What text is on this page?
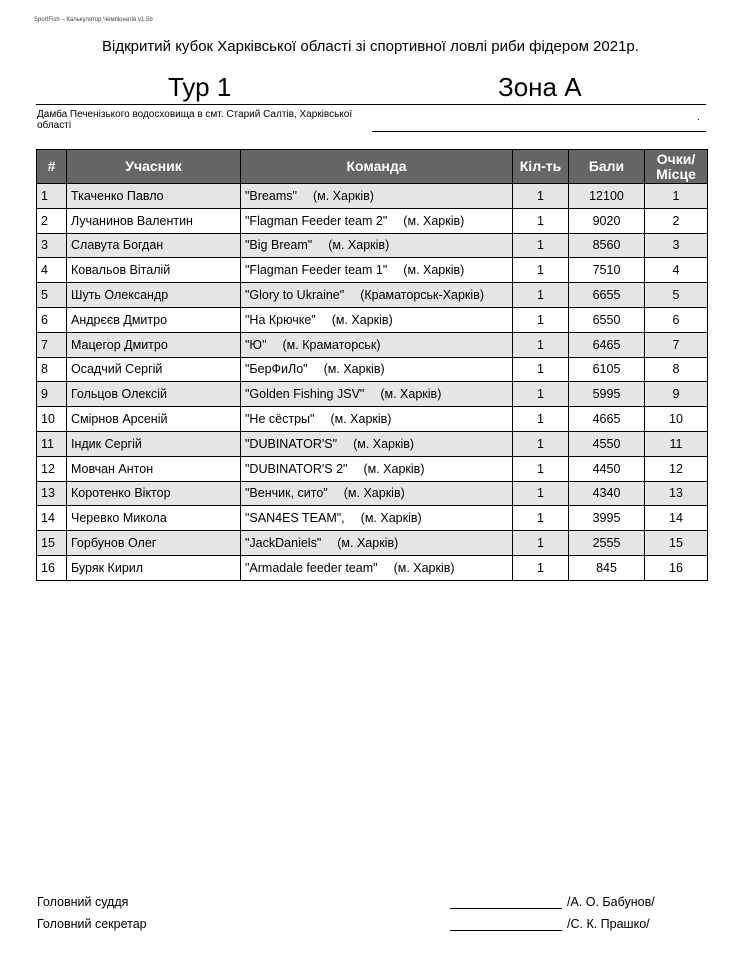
SportFish – Калькулятор Чемпіонатів v1.5b
Відкритий кубок Харківської області зі спортивної ловлі риби фідером 2021р.
Тур 1	Зона А
Дамба Печенізького водосховища в смт. Старий Салтів, Харківської області
.
#	Учасник	Команда	Кіл-ть	Бали	Очки/
Місце
1	Ткаченко Павло	"Breams" (м. Харків)	1	12100	1
2	Лучанинов Валентин	"Flagman Feeder team 2" (м. Харків)	1	9020	2
3	Славута Богдан	"Big Bream" (м. Харків)	1	8560	3
4	Ковальов Віталій	"Flagman Feeder team 1" (м. Харків)	1	7510	4
5	Шуть Олександр	"Glory to Ukraine" (Краматорськ-Харків)	1	6655	5
6	Андрєєв Дмитро	"На Крючке" (м. Харків)	1	6550	6
7	Мацегор Дмитро	"Ю" (м. Краматорськ)	1	6465	7
8	Осадчий Сергій	"БерФиЛо" (м. Харків)	1	6105	8
9	Гольцов Олексій	"Golden Fishing JSV" (м. Харків)	1	5995	9
10	Смірнов Арсеній	"Не сёстры" (м. Харків)	1	4665	10
11	Індик Сергій	"DUBINATOR'S" (м. Харків)	1	4550	11
12	Мовчан Антон	"DUBINATOR'S 2" (м. Харків)	1	4450	12
13	Коротенко Віктор	"Венчик, сито" (м. Харків)	1	4340	13
14	Черевко Микола	"SAN4ES TEAM", (м. Харків)	1	3995	14
15	Горбунов Олег	"JackDaniels" (м. Харків)	1	2555	15
16	Буряк Кирил	"Armadale feeder team" (м. Харків)	1	845	16
Головний суддя	/А. О. Бабунов/
Головний секретар	/С. К. Прашко/
